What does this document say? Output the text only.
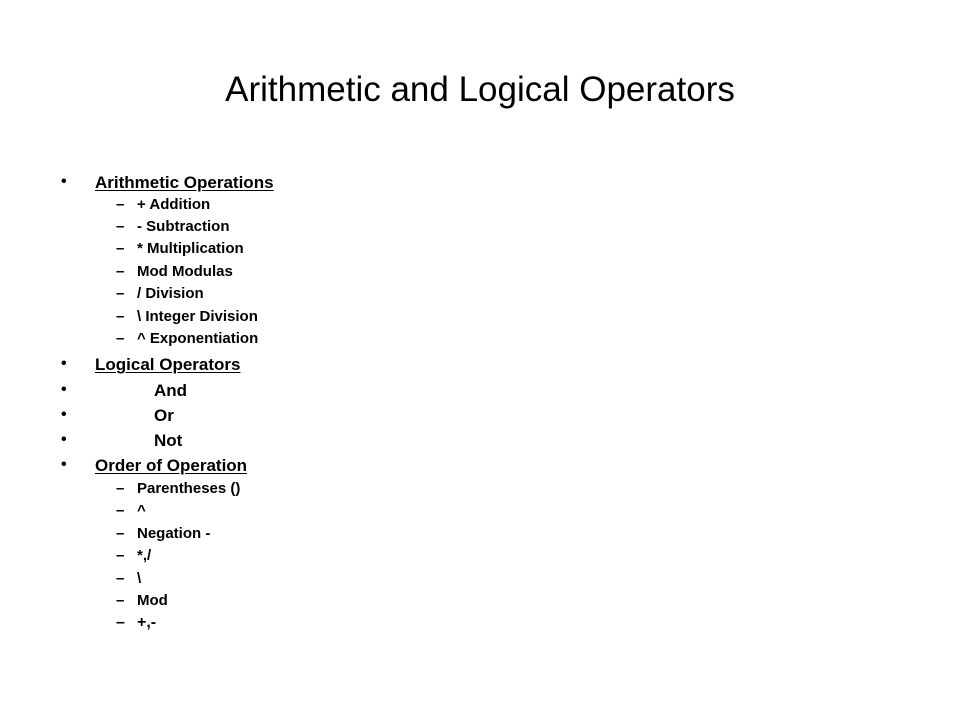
Arithmetic and Logical Operators
• Arithmetic Operations
– + Addition
– - Subtraction
– * Multiplication
– Mod Modulas
– / Division
– \ Integer Division
– ^ Exponentiation
• Logical Operators
•	And
•	Or
•	Not
• Order of Operation
– Parentheses ()
– ^
– Negation -
– *,/
– \
– Mod
– +,-
